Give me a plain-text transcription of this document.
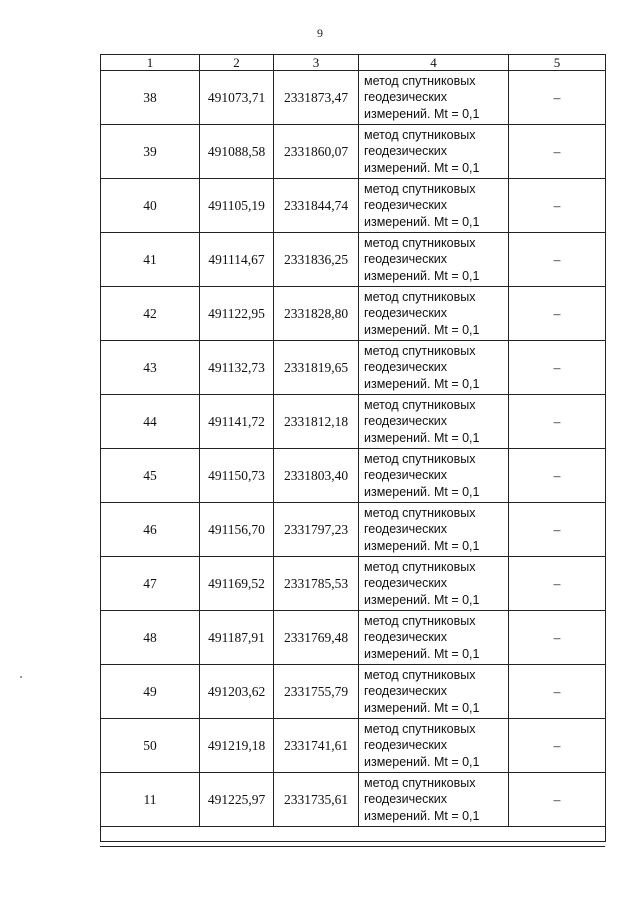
9
1	2	3	4	5
38	491073,71	2331873,47	метод спутниковых
геодезических
измерений. Mt = 0,1	–
39	491088,58	2331860,07	метод спутниковых
геодезических
измерений. Mt = 0,1	–
40	491105,19	2331844,74	метод спутниковых
геодезических
измерений. Mt = 0,1	–
41	491114,67	2331836,25	метод спутниковых
геодезических
измерений. Mt = 0,1	–
42	491122,95	2331828,80	метод спутниковых
геодезических
измерений. Mt = 0,1	–
43	491132,73	2331819,65	метод спутниковых
геодезических
измерений. Mt = 0,1	–
44	491141,72	2331812,18	метод спутниковых
геодезических
измерений. Mt = 0,1	–
45	491150,73	2331803,40	метод спутниковых
геодезических
измерений. Mt = 0,1	–
46	491156,70	2331797,23	метод спутниковых
геодезических
измерений. Mt = 0,1	–
47	491169,52	2331785,53	метод спутниковых
геодезических
измерений. Mt = 0,1	–
48	491187,91	2331769,48	метод спутниковых
геодезических
измерений. Mt = 0,1	–
49	491203,62	2331755,79	метод спутниковых
геодезических
измерений. Mt = 0,1	–
50	491219,18	2331741,61	метод спутниковых
геодезических
измерений. Mt = 0,1	–
11	491225,97	2331735,61	метод спутниковых
геодезических
измерений. Mt = 0,1	–
